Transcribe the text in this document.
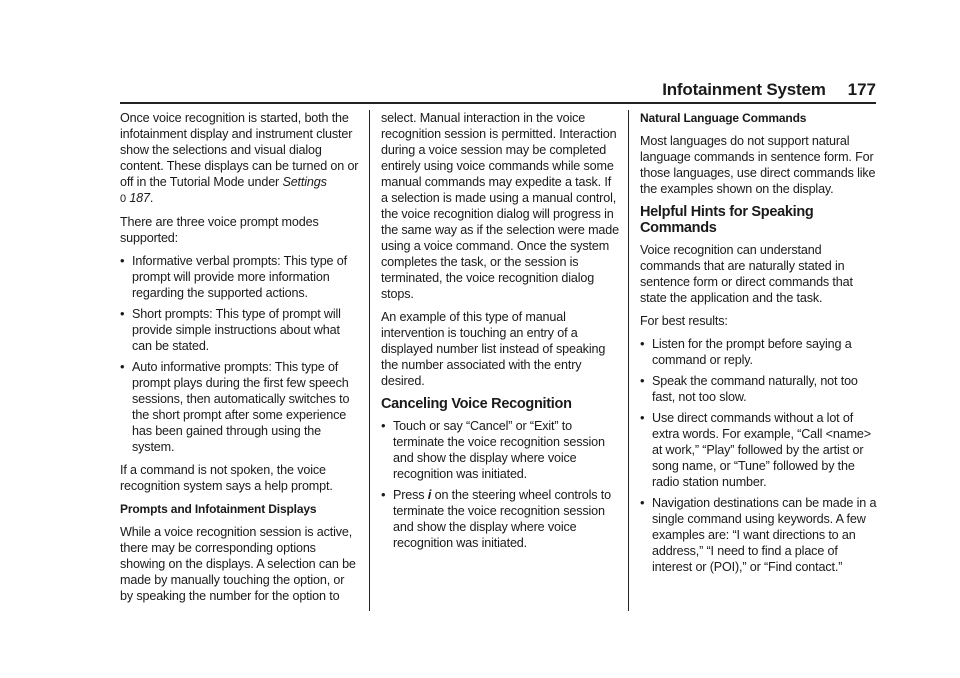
Infotainment System 177

Once voice recognition is started, both the infotainment display and instrument cluster show the selections and visual dialog content. These displays can be turned on or off in the Tutorial Mode under Settings
0 187.

There are three voice prompt modes supported:

• Informative verbal prompts: This type of prompt will provide more information regarding the supported actions.
• Short prompts: This type of prompt will provide simple instructions about what can be stated.
• Auto informative prompts: This type of prompt plays during the first few speech sessions, then automatically switches to the short prompt after some experience has been gained through using the system.

If a command is not spoken, the voice recognition system says a help prompt.

Prompts and Infotainment Displays

While a voice recognition session is active, there may be corresponding options showing on the displays. A selection can be made by manually touching the option, or by speaking the number for the option to

select. Manual interaction in the voice recognition session is permitted. Interaction during a voice session may be completed entirely using voice commands while some manual commands may expedite a task. If a selection is made using a manual control, the voice recognition dialog will progress in the same way as if the selection were made using a voice command. Once the system completes the task, or the session is terminated, the voice recognition dialog stops.

An example of this type of manual intervention is touching an entry of a displayed number list instead of speaking the number associated with the entry desired.

Canceling Voice Recognition
• Touch or say “Cancel” or “Exit” to terminate the voice recognition session and show the display where voice recognition was initiated.
• Press i on the steering wheel controls to terminate the voice recognition session and show the display where voice recognition was initiated.

Natural Language Commands

Most languages do not support natural language commands in sentence form. For those languages, use direct commands like the examples shown on the display.

Helpful Hints for Speaking Commands

Voice recognition can understand commands that are naturally stated in sentence form or direct commands that state the application and the task.

For best results:

• Listen for the prompt before saying a command or reply.
• Speak the command naturally, not too fast, not too slow.
• Use direct commands without a lot of extra words. For example, “Call <name> at work,” “Play” followed by the artist or song name, or “Tune” followed by the radio station number.
• Navigation destinations can be made in a single command using keywords. A few examples are: “I want directions to an address,” “I need to find a place of interest or (POI),” or “Find contact.”
